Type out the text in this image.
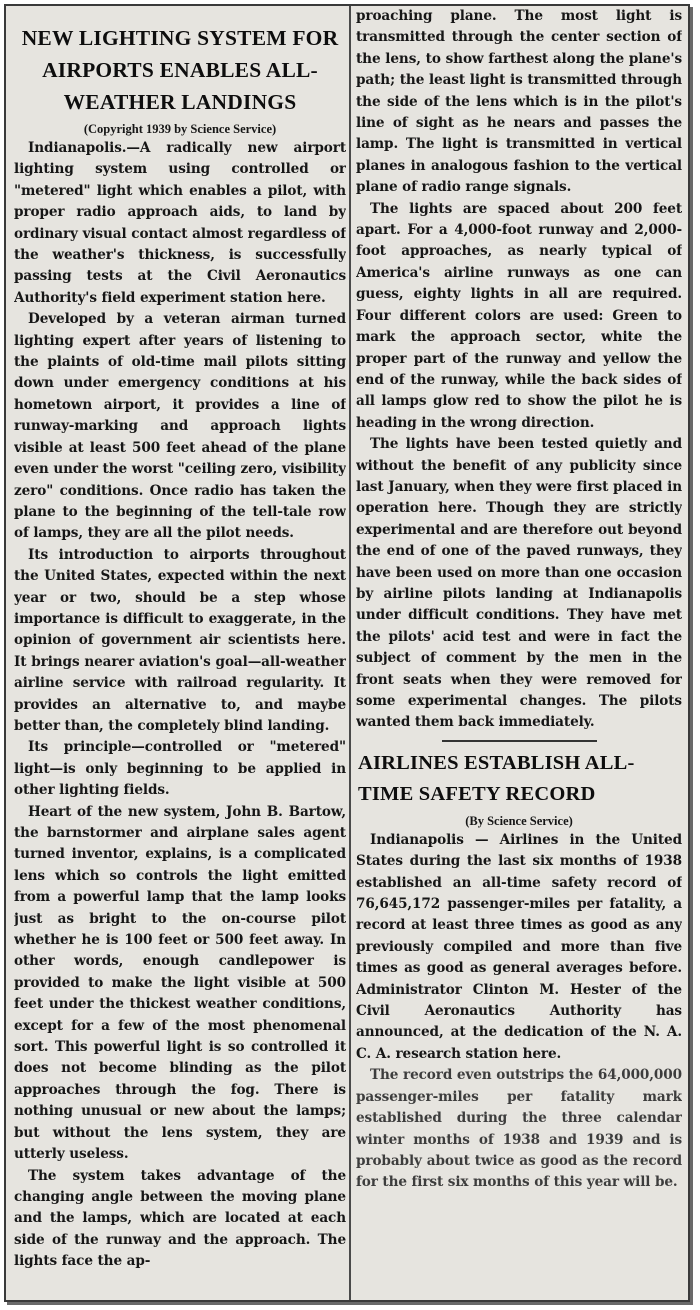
NEW LIGHTING SYSTEM FOR AIRPORTS ENABLES ALL-WEATHER LANDINGS
(Copyright 1939 by Science Service)

Indianapolis.—A radically new airport lighting system using controlled or "metered" light which enables a pilot, with proper radio approach aids, to land by ordinary visual contact almost regardless of the weather's thickness, is successfully passing tests at the Civil Aeronautics Authority's field experiment station here.

Developed by a veteran airman turned lighting expert after years of listening to the plaints of old-time mail pilots sitting down under emergency conditions at his hometown airport, it provides a line of runway-marking and approach lights visible at least 500 feet ahead of the plane even under the worst "ceiling zero, visibility zero" conditions. Once radio has taken the plane to the beginning of the tell-tale row of lamps, they are all the pilot needs.

Its introduction to airports throughout the United States, expected within the next year or two, should be a step whose importance is difficult to exaggerate, in the opinion of government air scientists here. It brings nearer aviation's goal—all-weather airline service with railroad regularity. It provides an alternative to, and maybe better than, the completely blind landing.

Its principle—controlled or "metered" light—is only beginning to be applied in other lighting fields.

Heart of the new system, John B. Bartow, the barnstormer and airplane sales agent turned inventor, explains, is a complicated lens which so controls the light emitted from a powerful lamp that the lamp looks just as bright to the on-course pilot whether he is 100 feet or 500 feet away. In other words, enough candlepower is provided to make the light visible at 500 feet under the thickest weather conditions, except for a few of the most phenomenal sort. This powerful light is so controlled it does not become blinding as the pilot approaches through the fog. There is nothing unusual or new about the lamps; but without the lens system, they are utterly useless.

The system takes advantage of the changing angle between the moving plane and the lamps, which are located at each side of the runway and the approach. The lights face the ap-

proaching plane. The most light is transmitted through the center section of the lens, to show farthest along the plane's path; the least light is transmitted through the side of the lens which is in the pilot's line of sight as he nears and passes the lamp. The light is transmitted in vertical planes in analogous fashion to the vertical plane of radio range signals.

The lights are spaced about 200 feet apart. For a 4,000-foot runway and 2,000-foot approaches, as nearly typical of America's airline runways as one can guess, eighty lights in all are required. Four different colors are used: Green to mark the approach sector, white the proper part of the runway and yellow the end of the runway, while the back sides of all lamps glow red to show the pilot he is heading in the wrong direction.

The lights have been tested quietly and without the benefit of any publicity since last January, when they were first placed in operation here. Though they are strictly experimental and are therefore out beyond the end of one of the paved runways, they have been used on more than one occasion by airline pilots landing at Indianapolis under difficult conditions. They have met the pilots' acid test and were in fact the subject of comment by the men in the front seats when they were removed for some experimental changes. The pilots wanted them back immediately.

AIRLINES ESTABLISH ALL-TIME SAFETY RECORD
(By Science Service)

Indianapolis — Airlines in the United States during the last six months of 1938 established an all-time safety record of 76,645,172 passenger-miles per fatality, a record at least three times as good as any previously compiled and more than five times as good as general averages before. Administrator Clinton M. Hester of the Civil Aeronautics Authority has announced, at the dedication of the N. A. C. A. research station here.

The record even outstrips the 64,000,000 passenger-miles per fatality mark established during the three calendar winter months of 1938 and 1939 and is probably about twice as good as the record for the first six months of this year will be.
